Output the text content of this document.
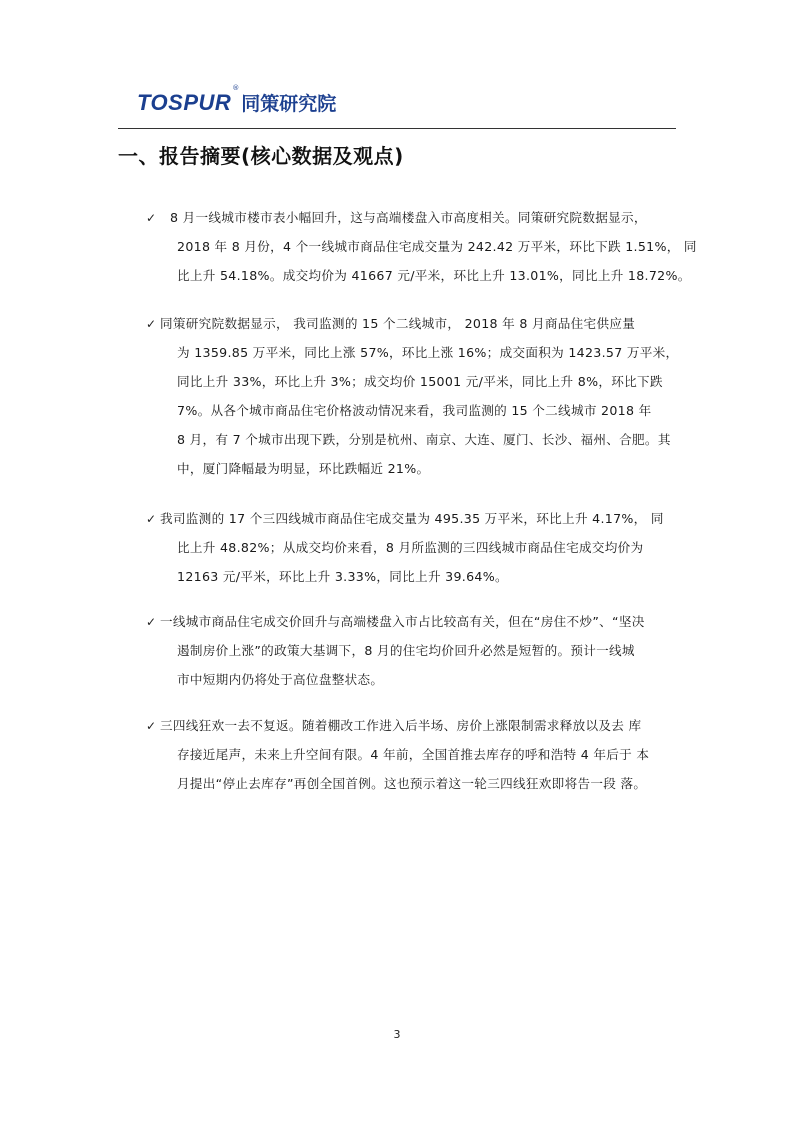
TOSPUR
®
同策研究院
一、报告摘要(核心数据及观点)
✓ 8 月一线城市楼市表小幅回升，这与高端楼盘入市高度相关。同策研究院数据显示，
2018 年 8 月份，4 个一线城市商品住宅成交量为 242.42 万平米，环比下跌 1.51%， 同
比上升 54.18%。成交均价为 41667 元/平米，环比上升 13.01%，同比上升 18.72%。
✓ 同策研究院数据显示， 我司监测的 15 个二线城市， 2018 年 8 月商品住宅供应量
为 1359.85 万平米，同比上涨 57%，环比上涨 16%；成交面积为 1423.57 万平米，
同比上升 33%，环比上升 3%；成交均价 15001 元/平米，同比上升 8%，环比下跌
7%。从各个城市商品住宅价格波动情况来看，我司监测的 15 个二线城市 2018 年
8 月，有 7 个城市出现下跌，分别是杭州、南京、大连、厦门、长沙、福州、合肥。其
中，厦门降幅最为明显，环比跌幅近 21%。
✓ 我司监测的 17 个三四线城市商品住宅成交量为 495.35 万平米，环比上升 4.17%， 同
比上升 48.82%；从成交均价来看，8 月所监测的三四线城市商品住宅成交均价为
12163 元/平米，环比上升 3.33%，同比上升 39.64%。
✓ 一线城市商品住宅成交价回升与高端楼盘入市占比较高有关，但在“房住不炒”、“坚决
遏制房价上涨”的政策大基调下，8 月的住宅均价回升必然是短暂的。预计一线城
市中短期内仍将处于高位盘整状态。
✓ 三四线狂欢一去不复返。随着棚改工作进入后半场、房价上涨限制需求释放以及去 库
存接近尾声，未来上升空间有限。4 年前，全国首推去库存的呼和浩特 4 年后于 本
月提出“停止去库存”再创全国首例。这也预示着这一轮三四线狂欢即将告一段 落。
3
